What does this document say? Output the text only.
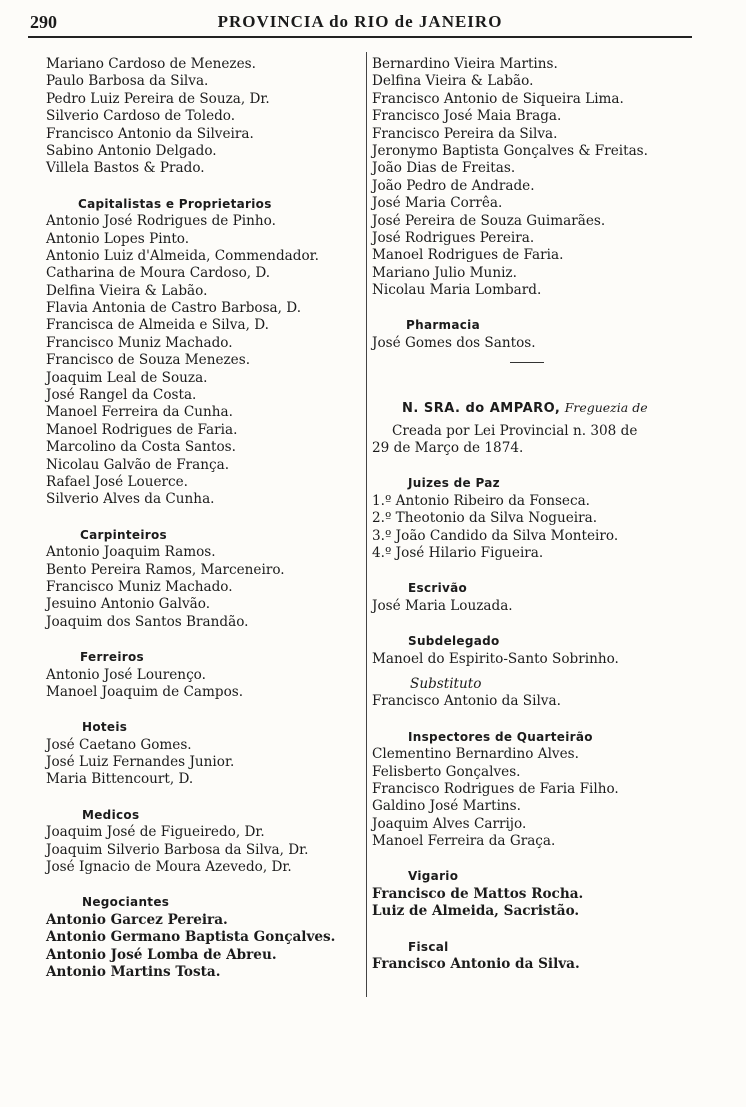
290	PROVINCIA do RIO de JANEIRO
Mariano Cardoso de Menezes.
Paulo Barbosa da Silva.
Pedro Luiz Pereira de Souza, Dr.
Silverio Cardoso de Toledo.
Francisco Antonio da Silveira.
Sabino Antonio Delgado.
Villela Bastos & Prado.
Capitalistas e Proprietarios
Antonio José Rodrigues de Pinho.
Antonio Lopes Pinto.
Antonio Luiz d'Almeida, Commendador.
Catharina de Moura Cardoso, D.
Delfina Vieira & Labão.
Flavia Antonia de Castro Barbosa, D.
Francisca de Almeida e Silva, D.
Francisco Muniz Machado.
Francisco de Souza Menezes.
Joaquim Leal de Souza.
José Rangel da Costa.
Manoel Ferreira da Cunha.
Manoel Rodrigues de Faria.
Marcolino da Costa Santos.
Nicolau Galvão de França.
Rafael José Louerce.
Silverio Alves da Cunha.
Carpinteiros
Antonio Joaquim Ramos.
Bento Pereira Ramos, Marceneiro.
Francisco Muniz Machado.
Jesuino Antonio Galvão.
Joaquim dos Santos Brandão.
Ferreiros
Antonio José Lourenço.
Manoel Joaquim de Campos.
Hoteis
José Caetano Gomes.
José Luiz Fernandes Junior.
Maria Bittencourt, D.
Medicos
Joaquim José de Figueiredo, Dr.
Joaquim Silverio Barbosa da Silva, Dr.
José Ignacio de Moura Azevedo, Dr.
Negociantes
Antonio Garcez Pereira.
Antonio Germano Baptista Gonçalves.
Antonio José Lomba de Abreu.
Antonio Martins Tosta.
Bernardino Vieira Martins.
Delfina Vieira & Labão.
Francisco Antonio de Siqueira Lima.
Francisco José Maia Braga.
Francisco Pereira da Silva.
Jeronymo Baptista Gonçalves & Freitas.
João Dias de Freitas.
João Pedro de Andrade.
José Maria Corrêa.
José Pereira de Souza Guimarães.
José Rodrigues Pereira.
Manoel Rodrigues de Faria.
Mariano Julio Muniz.
Nicolau Maria Lombard.
Pharmacia
José Gomes dos Santos.
N. SRA. do AMPARO, Freguezia de
Creada por Lei Provincial n. 308 de
29 de Março de 1874.
Juizes de Paz
1.º Antonio Ribeiro da Fonseca.
2.º Theotonio da Silva Nogueira.
3.º João Candido da Silva Monteiro.
4.º José Hilario Figueira.
Escrivão
José Maria Louzada.
Subdelegado
Manoel do Espirito-Santo Sobrinho.
Substituto
Francisco Antonio da Silva.
Inspectores de Quarteirão
Clementino Bernardino Alves.
Felisberto Gonçalves.
Francisco Rodrigues de Faria Filho.
Galdino José Martins.
Joaquim Alves Carrijo.
Manoel Ferreira da Graça.
Vigario
Francisco de Mattos Rocha.
Luiz de Almeida, Sacristão.
Fiscal
Francisco Antonio da Silva.
